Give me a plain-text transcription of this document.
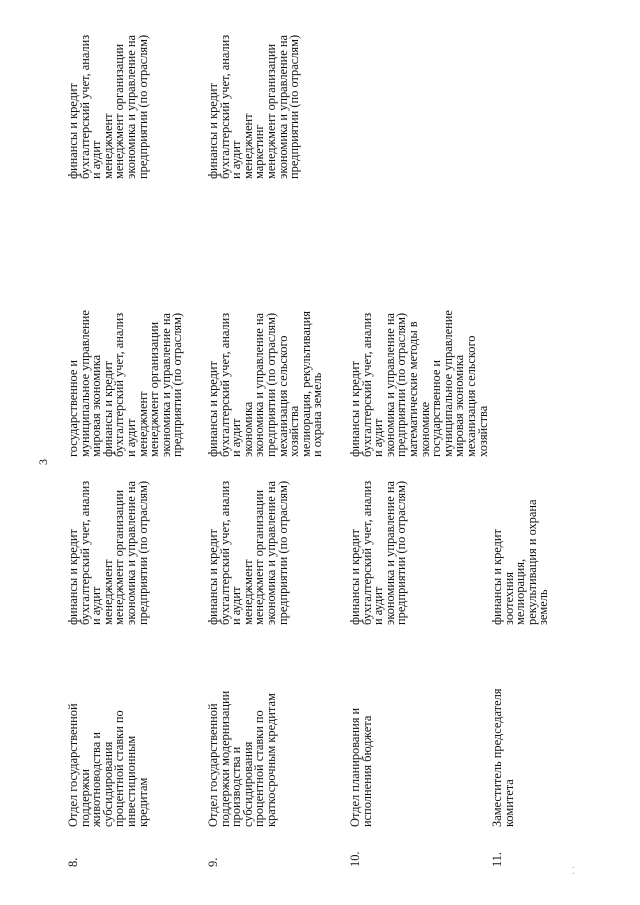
3
8.
Отдел государственной
поддержки
животноводства и
субсидирования
процентной ставки по
инвестиционным
кредитам
финансы и кредит
бухгалтерский учет, анализ
и аудит
менеджмент
менеджмент организации
экономика и управление на
предприятии (по отраслям)
государственное и
муниципальное управление
мировая экономика
финансы и кредит
бухгалтерский учет, анализ
и аудит
менеджмент
менеджмент организации
экономика и управление на
предприятии (по отраслям)
финансы и кредит
бухгалтерский учет, анализ
и аудит
менеджмент
менеджмент организации
экономика и управление на
предприятии (по отраслям)
9.
Отдел государственной
поддержки модернизации
производства и
субсидирования
процентной ставки по
краткосрочным кредитам
финансы и кредит
бухгалтерский учет, анализ
и аудит
менеджмент
менеджмент организации
экономика и управление на
предприятии (по отраслям)
финансы и кредит
бухгалтерский учет, анализ
и аудит
экономика
экономика и управление на
предприятии (по отраслям)
механизация сельского
хозяйства
мелиорация, рекультивация
и охрана земель
финансы и кредит
бухгалтерский учет, анализ
и аудит
менеджмент
маркетинг
менеджмент организации
экономика и управление на
предприятии (по отраслям)
10.
Отдел планирования и
исполнения бюджета
финансы и кредит
бухгалтерский учет, анализ
и аудит
экономика и управление на
предприятии (по отраслям)
финансы и кредит
бухгалтерский учет, анализ
и аудит
экономика и управление на
предприятии (по отраслям)
математические методы в
экономике
государственное и
муниципальное управление
мировая экономика
механизация сельского
хозяйства
11.
Заместитель председателя
комитета
финансы и кредит
зоотехния
мелиорация,
рекультивация и охрана
земель
· ·
